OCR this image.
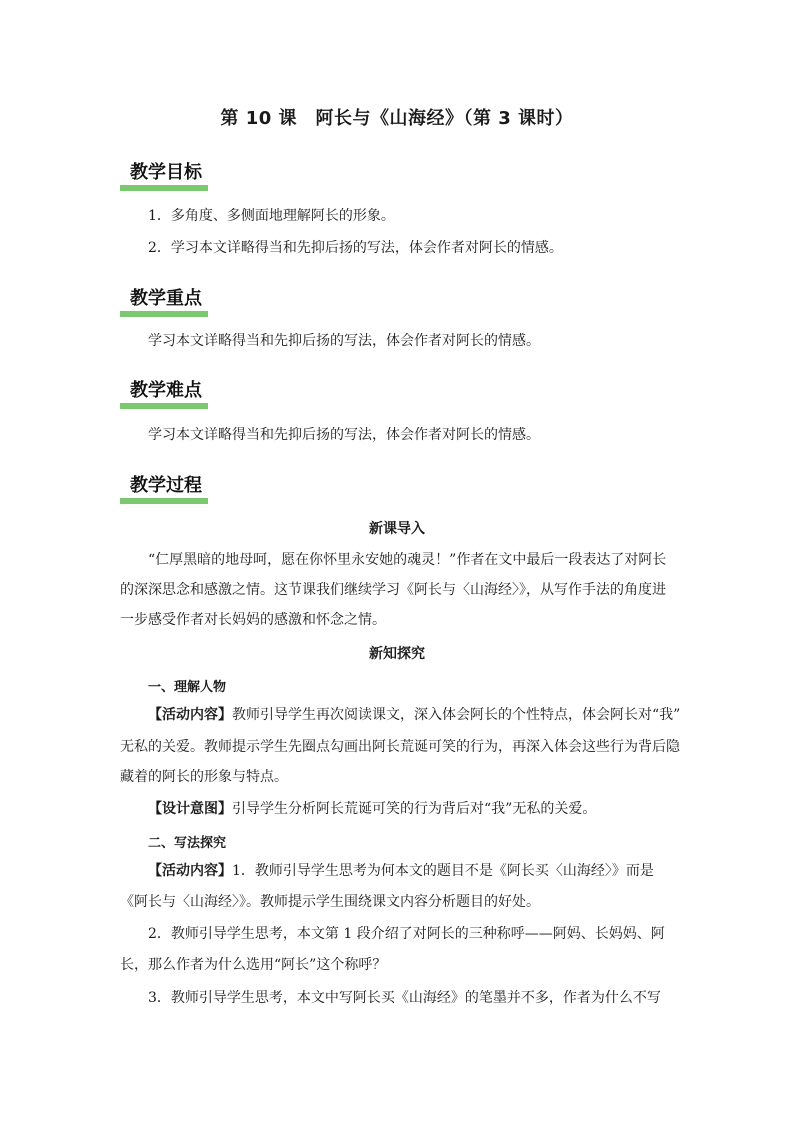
第 10 课　阿长与《山海经》（第 3 课时）
教学目标
1．多角度、多侧面地理解阿长的形象。
2．学习本文详略得当和先抑后扬的写法，体会作者对阿长的情感。
教学重点
学习本文详略得当和先抑后扬的写法，体会作者对阿长的情感。
教学难点
学习本文详略得当和先抑后扬的写法，体会作者对阿长的情感。
教学过程
新课导入
“仁厚黑暗的地母呵，愿在你怀里永安她的魂灵！”作者在文中最后一段表达了对阿长
的深深思念和感激之情。这节课我们继续学习《阿长与〈山海经〉》，从写作手法的角度进
一步感受作者对长妈妈的感激和怀念之情。
新知探究
一、理解人物
【活动内容】教师引导学生再次阅读课文，深入体会阿长的个性特点，体会阿长对“我”
无私的关爱。教师提示学生先圈点勾画出阿长荒诞可笑的行为，再深入体会这些行为背后隐
藏着的阿长的形象与特点。
【设计意图】引导学生分析阿长荒诞可笑的行为背后对“我”无私的关爱。
二、写法探究
【活动内容】1．教师引导学生思考为何本文的题目不是《阿长买〈山海经〉》而是
《阿长与〈山海经〉》。教师提示学生围绕课文内容分析题目的好处。
2．教师引导学生思考，本文第 1 段介绍了对阿长的三种称呼——阿妈、长妈妈、阿
长，那么作者为什么选用“阿长”这个称呼？
3．教师引导学生思考，本文中写阿长买《山海经》的笔墨并不多，作者为什么不写
